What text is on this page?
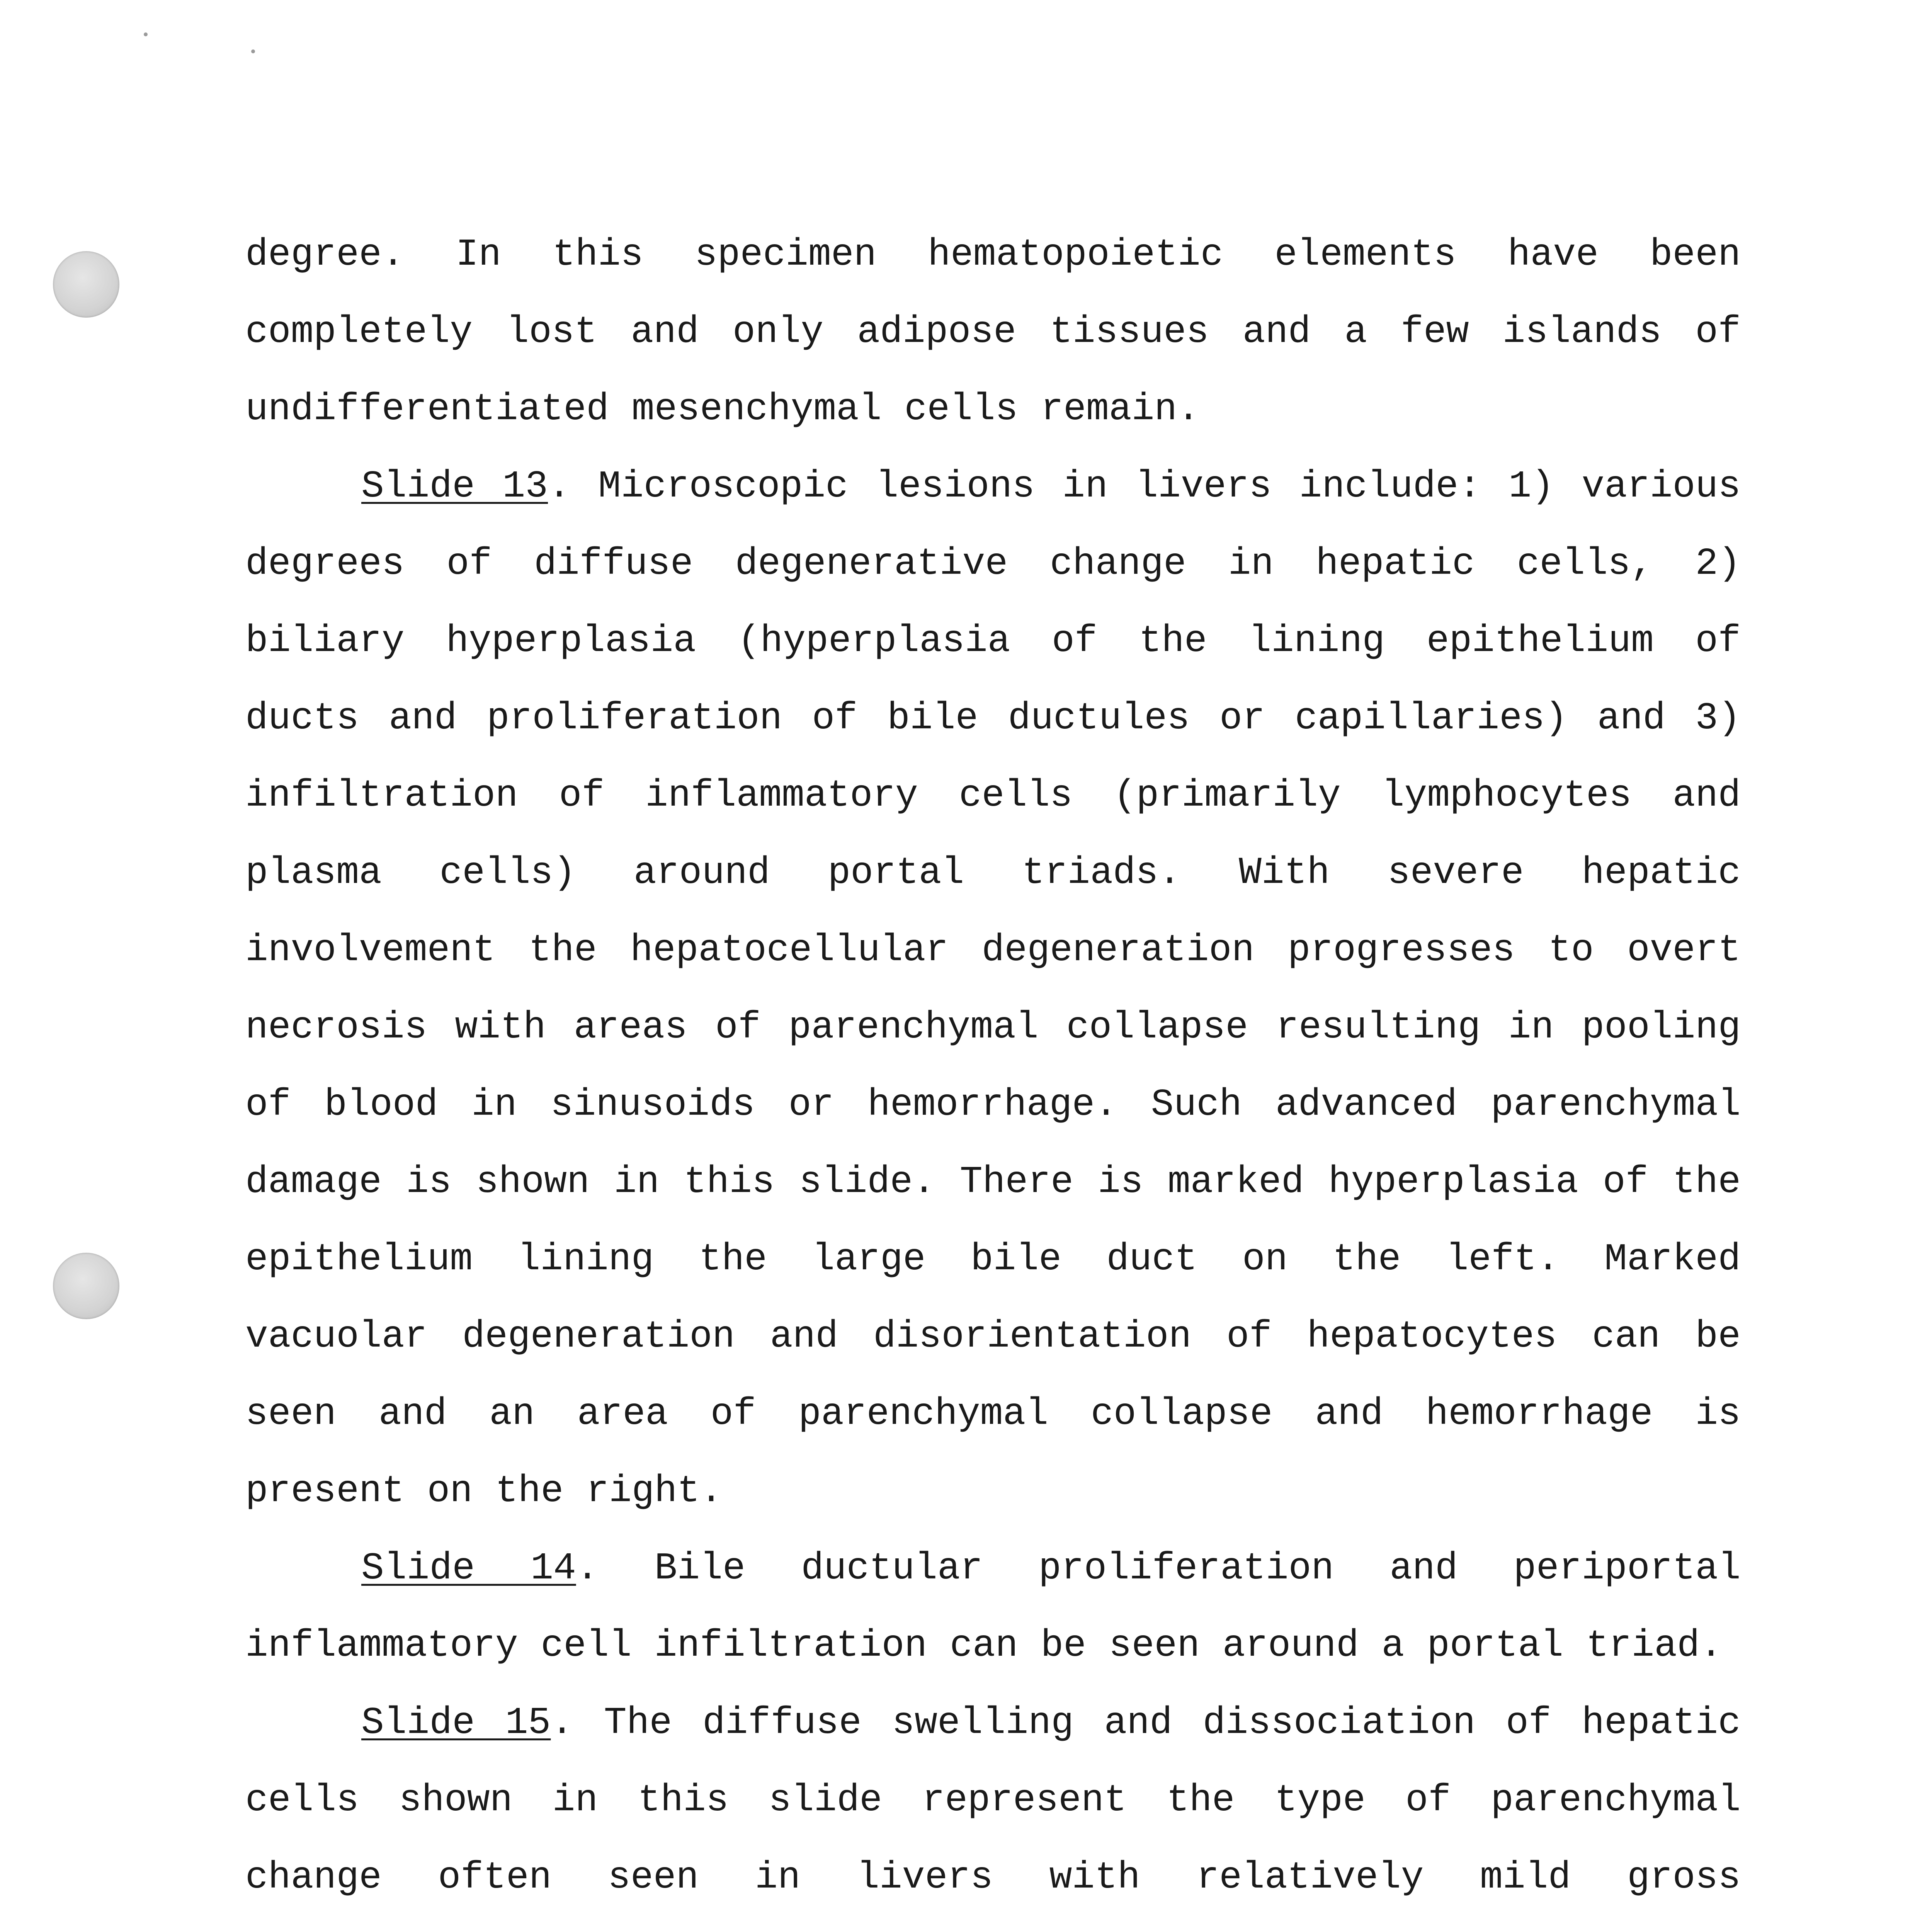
degree. In this specimen hematopoietic elements have been completely lost and only adipose tissues and a few islands of undifferentiated mesenchymal cells remain.

Slide 13. Microscopic lesions in livers include: 1) various degrees of diffuse degenerative change in hepatic cells, 2) biliary hyperplasia (hyperplasia of the lining epithelium of ducts and proliferation of bile ductules or capillaries) and 3) infiltration of inflammatory cells (primarily lymphocytes and plasma cells) around portal triads. With severe hepatic involvement the hepatocellular degeneration progresses to overt necrosis with areas of parenchymal collapse resulting in pooling of blood in sinusoids or hemorrhage. Such advanced parenchymal damage is shown in this slide. There is marked hyperplasia of the epithelium lining the large bile duct on the left. Marked vacuolar degeneration and disorientation of hepatocytes can be seen and an area of parenchymal collapse and hemorrhage is present on the right.

Slide 14. Bile ductular proliferation and periportal inflammatory cell infiltration can be seen around a portal triad.

Slide 15. The diffuse swelling and dissociation of hepatic cells shown in this slide represent the type of parenchymal change often seen in livers with relatively mild gross
